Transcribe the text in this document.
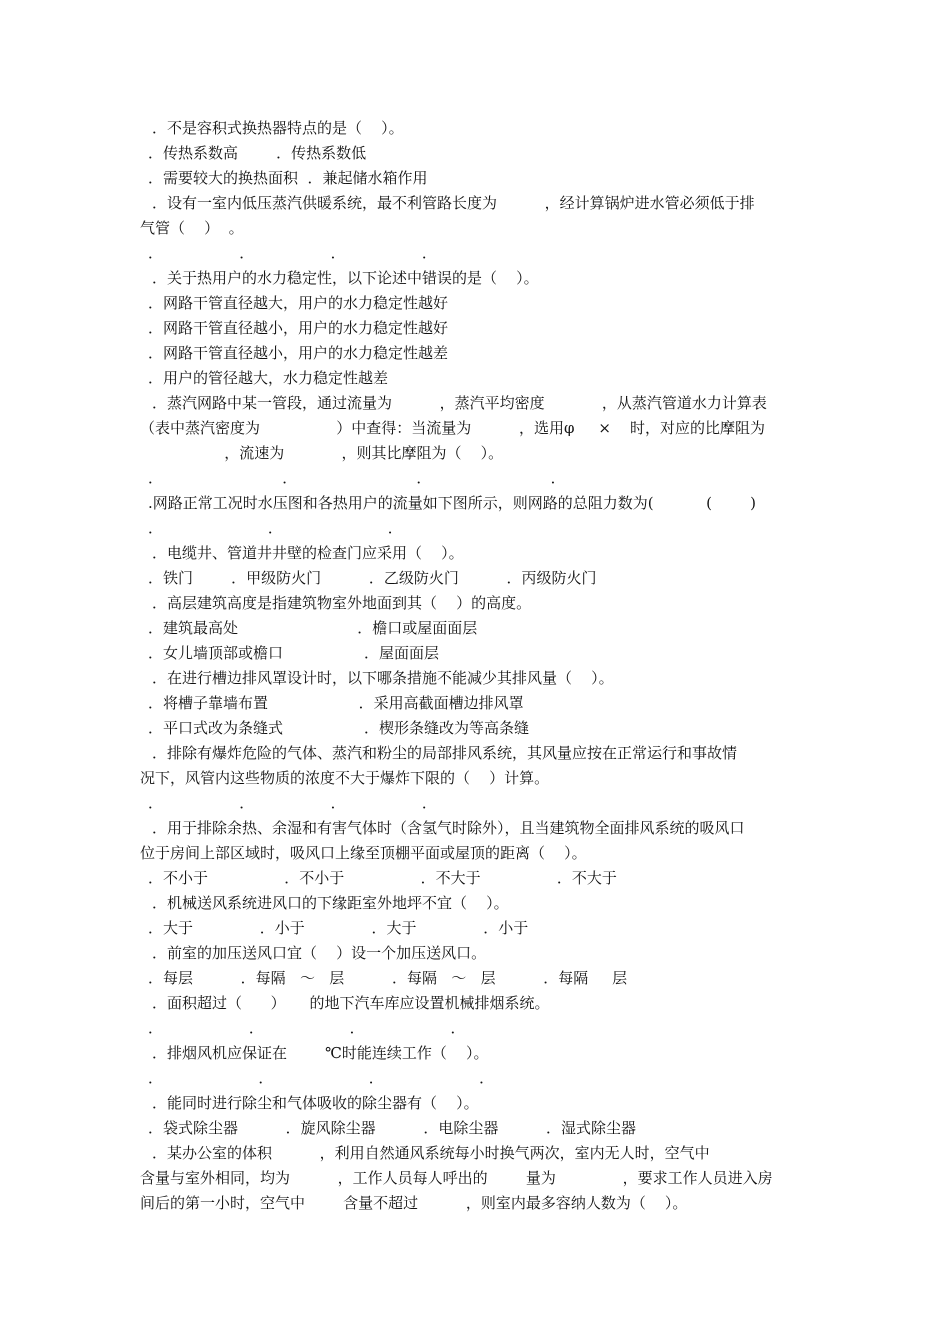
．不是容积式换热器特点的是（    ）。
．传热系数高        ．传热系数低
．需要较大的换热面积  ．兼起储水箱作用
．设有一室内低压蒸汽供暖系统，最不利管路长度为          ，经计算锅炉进水管必须低于排
气管（    ）  。
．                ．                ．                ．
．关于热用户的水力稳定性，以下论述中错误的是（    ）。
．网路干管直径越大，用户的水力稳定性越好
．网路干管直径越小，用户的水力稳定性越好
．网路干管直径越小，用户的水力稳定性越差
．用户的管径越大，水力稳定性越差
．蒸汽网路中某一管段，通过流量为          ，蒸汽平均密度            ，从蒸汽管道水力计算表
（表中蒸汽密度为                ）中查得：当流量为          ，选用φ     ×    时，对应的比摩阻为
，流速为            ，则其比摩阻为（    ）。
．                         ．                         ．                         ．
.网路正常工况时水压图和各热用户的流量如下图所示，则网路的总阻力数为(           (        )
．                      ．                      ．
．电缆井、管道井井壁的检查门应采用（    ）。
．铁门        ．甲级防火门          ．乙级防火门          ．丙级防火门
．高层建筑高度是指建筑物室外地面到其（    ）的高度。
．建筑最高处                         ．檐口或屋面面层
．女儿墙顶部或檐口                 ．屋面面层
．在进行槽边排风罩设计时，以下哪条措施不能减少其排风量（    ）。
．将槽子靠墙布置                   ．采用高截面槽边排风罩
．平口式改为条缝式                 ．楔形条缝改为等高条缝
．排除有爆炸危险的气体、蒸汽和粉尘的局部排风系统，其风量应按在正常运行和事故情
况下，风管内这些物质的浓度不大于爆炸下限的（    ）计算。
．                ．                ．                ．
．用于排除余热、余湿和有害气体时（含氢气时除外），且当建筑物全面排风系统的吸风口
位于房间上部区域时，吸风口上缘至顶棚平面或屋顶的距离（    ）。
．不小于                ．不小于                ．不大于                ．不大于
．机械送风系统进风口的下缘距室外地坪不宜（    ）。
．大于              ．小于              ．大于              ．小于
．前室的加压送风口宜（    ）设一个加压送风口。
．每层          ．每隔   ～   层          ．每隔   ～   层          ．每隔     层
．面积超过（      ）     的地下汽车库应设置机械排烟系统。
．                  ．                  ．                  ．
．排烟风机应保证在        ℃时能连续工作（    ）。
．                    ．                    ．                    ．
．能同时进行除尘和气体吸收的除尘器有（    ）。
．袋式除尘器          ．旋风除尘器          ．电除尘器          ．湿式除尘器
．某办公室的体积          ，利用自然通风系统每小时换气两次，室内无人时，空气中
含量与室外相同，均为          ，工作人员每人呼出的        量为              ，要求工作人员进入房
间后的第一小时，空气中        含量不超过          ，则室内最多容纳人数为（    ）。
